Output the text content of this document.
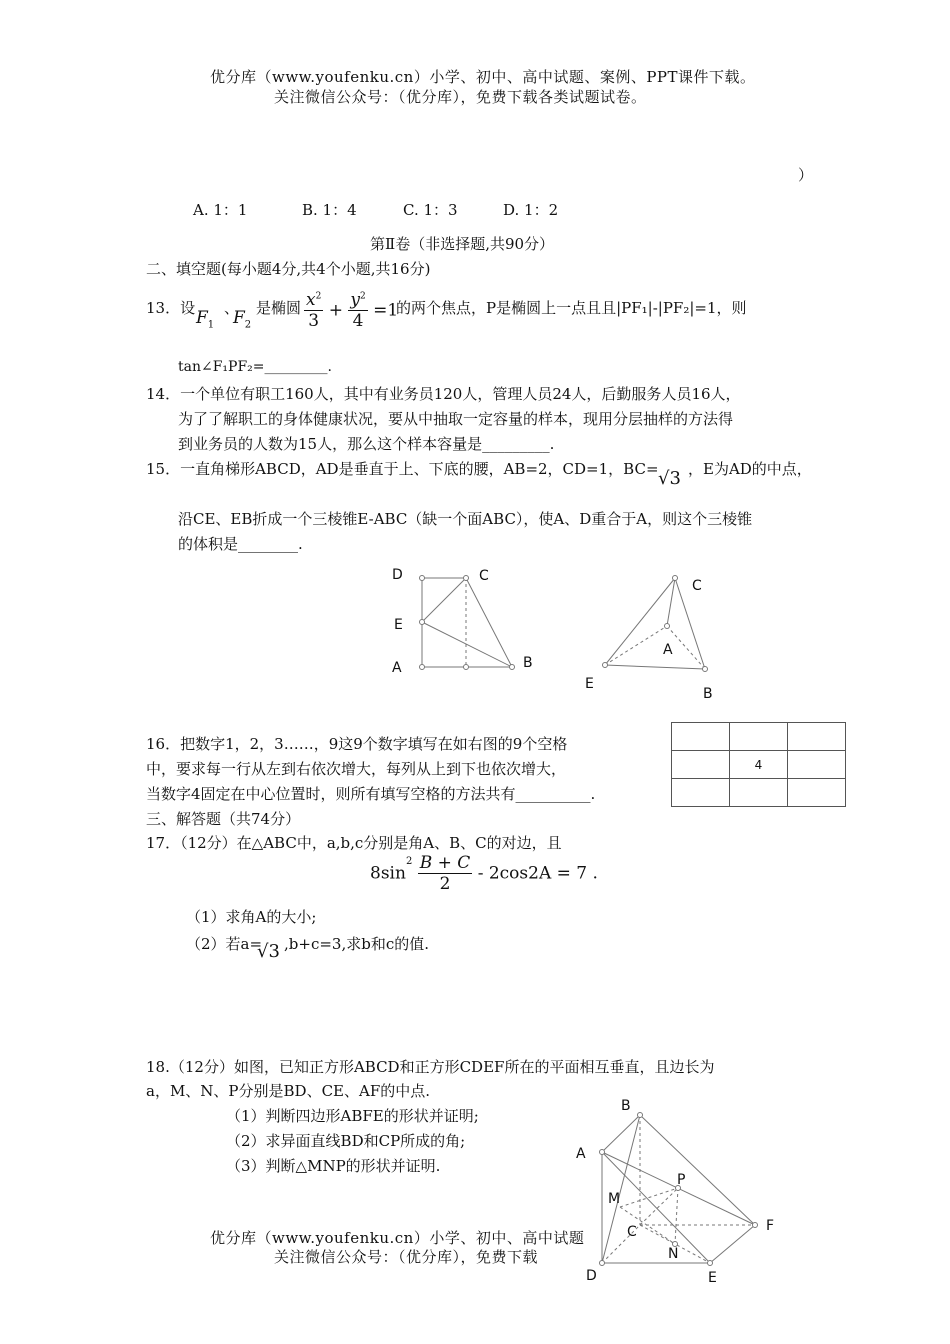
优分库（www.youfenku.cn）小学、初中、高中试题、案例、PPT课件下载。
关注微信公众号：（优分库），免费下载各类试题试卷。
）
A. 1：1	B. 1：4	C. 1：3	D. 1：2
第Ⅱ卷（非选择题,共90分）
二、填空题(每小题4分,共4个小题,共16分)
13．设 $F_1$
、
$F_2$
是椭圆 $\frac{x^2}{3} + \frac{y^2}{4} =1$
的两个焦点，P是椭圆上一点且且|PF₁|-|PF₂|=1，则
tan∠F₁PF₂=_________.
14．一个单位有职工160人，其中有业务员120人，管理人员24人，后勤服务人员16人，
为了了解职工的身体健康状况，要从中抽取一定容量的样本，现用分层抽样的方法得
到业务员的人数为15人，那么这个样本容量是_________.
15．一直角梯形ABCD，AD是垂直于上、下底的腰，AB=2，CD=1，BC= √3 ，E为AD的中点，
沿CE、EB折成一个三棱锥E-ABC（缺一个面ABC），使A、D重合于A，则这个三棱锥
的体积是________.
D	C
E
A	B
C
A
E
B
16．把数字1，2，3……，9这9个数字填写在如右图的9个空格
中，要求每一行从左到右依次增大，每列从上到下也依次增大，
当数字4固定在中心位置时，则所有填写空格的方法共有__________.

	4	

三、解答题（共74分）
17．（12分）在△ABC中，a,b,c分别是角A、B、C的对边，且
$8\sin^2 \frac{B + C}{2} - 2\cos 2A = 7$ .
（1）求角A的大小;
（2）若a=
√3 ,b+c=3,求b和c的值.
18.（12分）如图，已知正方形ABCD和正方形CDEF所在的平面相互垂直，且边长为
a，M、N、P分别是BD、CE、AF的中点.
（1）判断四边形ABFE的形状并证明;
（2）求异面直线BD和CP所成的角;
（3）判断△MNP的形状并证明.
B
A
P
M
C	F
N
D	E
优分库（www.youfenku.cn）小学、初中、高中试题
关注微信公众号：（优分库），免费下载
